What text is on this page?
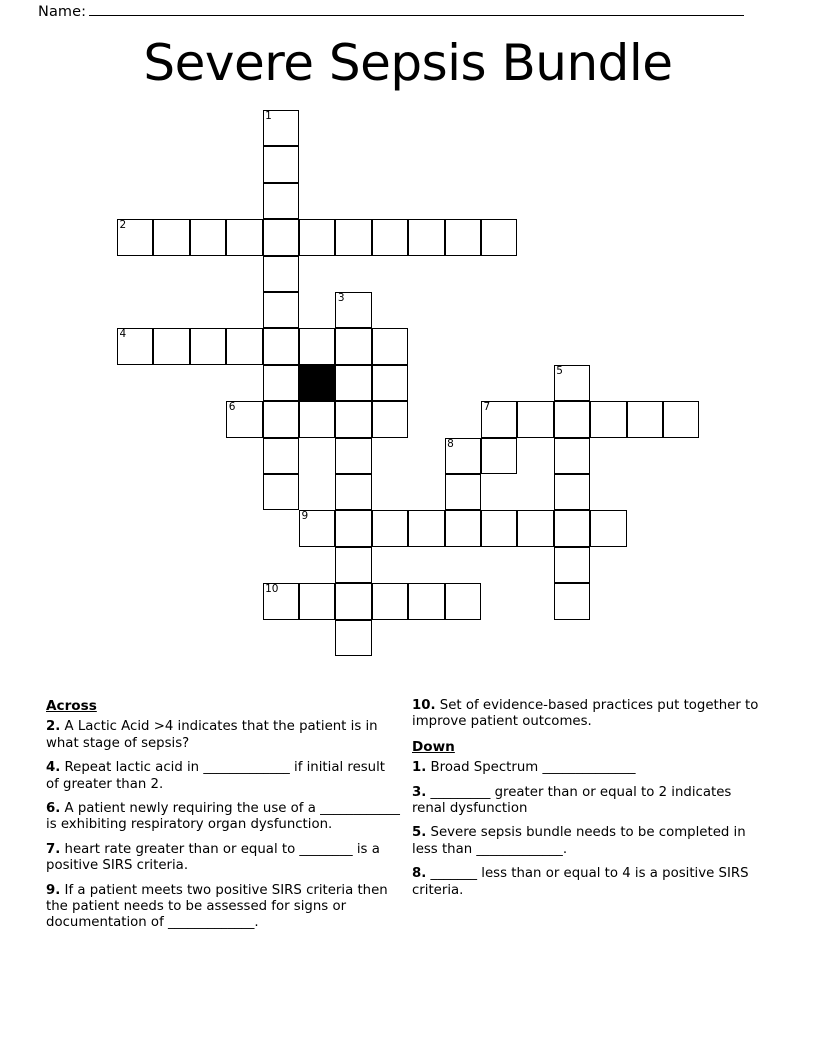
Name:
Severe Sepsis Bundle
1
2
3
4
5
6	7
8
9
10
Across

2. A Lactic Acid >4 indicates that the patient is in what stage of sepsis?

4. Repeat lactic acid in _____________ if initial result of greater than 2.

6. A patient newly requiring the use of a ____________ is exhibiting respiratory organ dysfunction.

7. heart rate greater than or equal to ________ is a positive SIRS criteria.

9. If a patient meets two positive SIRS criteria then the patient needs to be assessed for signs or documentation of _____________.

10. Set of evidence-based practices put together to improve patient outcomes.

Down

1. Broad Spectrum ______________

3. _________ greater than or equal to 2 indicates renal dysfunction

5. Severe sepsis bundle needs to be completed in less than _____________.

8. _______ less than or equal to 4 is a positive SIRS criteria.
